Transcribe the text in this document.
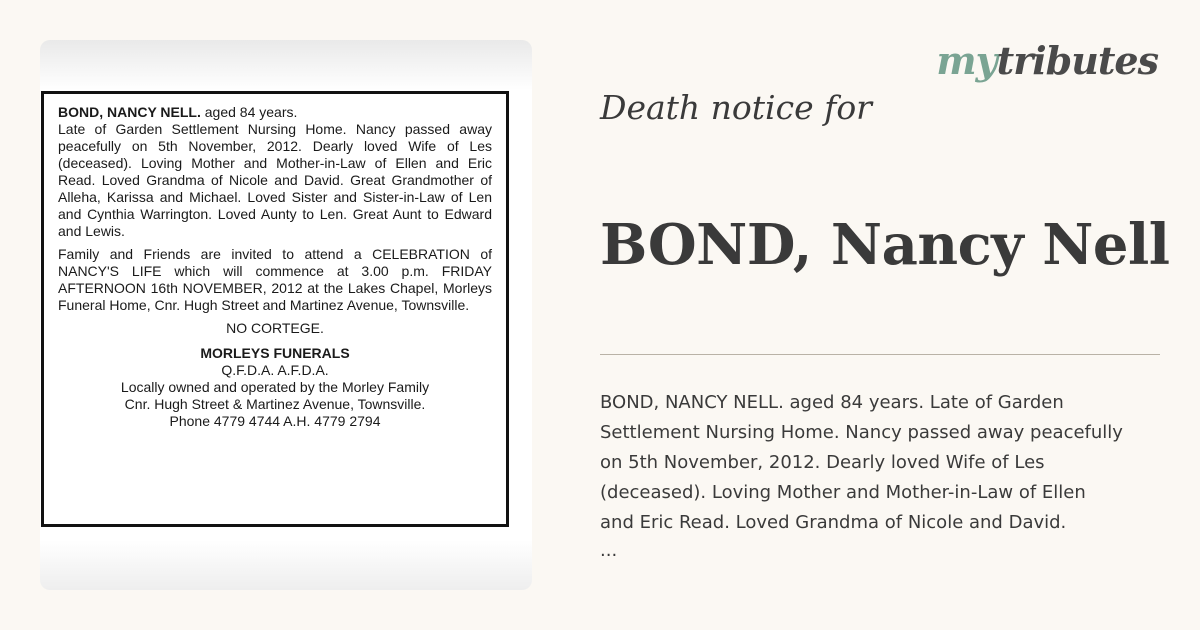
BOND, NANCY NELL. aged 84 years.
Late of Garden Settlement Nursing Home. Nancy passed away peacefully on 5th November, 2012. Dearly loved Wife of Les (deceased). Loving Mother and Mother-in-Law of Ellen and Eric Read. Loved Grandma of Nicole and David. Great Grandmother of Alleha, Karissa and Michael. Loved Sister and Sister-in-Law of Len and Cynthia Warrington. Loved Aunty to Len. Great Aunt to Edward and Lewis.

Family and Friends are invited to attend a CELEBRATION of NANCY'S LIFE which will commence at 3.00 p.m. FRIDAY AFTERNOON 16th NOVEMBER, 2012 at the Lakes Chapel, Morleys Funeral Home, Cnr. Hugh Street and Martinez Avenue, Townsville.

NO CORTEGE.
MORLEYS FUNERALS
Q.F.D.A. A.F.D.A.
Locally owned and operated by the Morley Family
Cnr. Hugh Street & Martinez Avenue, Townsville.
Phone 4779 4744 A.H. 4779 2794
mytributes
Death notice for
BOND, Nancy Nell
BOND, NANCY NELL. aged 84 years. Late of Garden
Settlement Nursing Home. Nancy passed away peacefully
on 5th November, 2012. Dearly loved Wife of Les
(deceased). Loving Mother and Mother-in-Law of Ellen
and Eric Read. Loved Grandma of Nicole and David.
...
